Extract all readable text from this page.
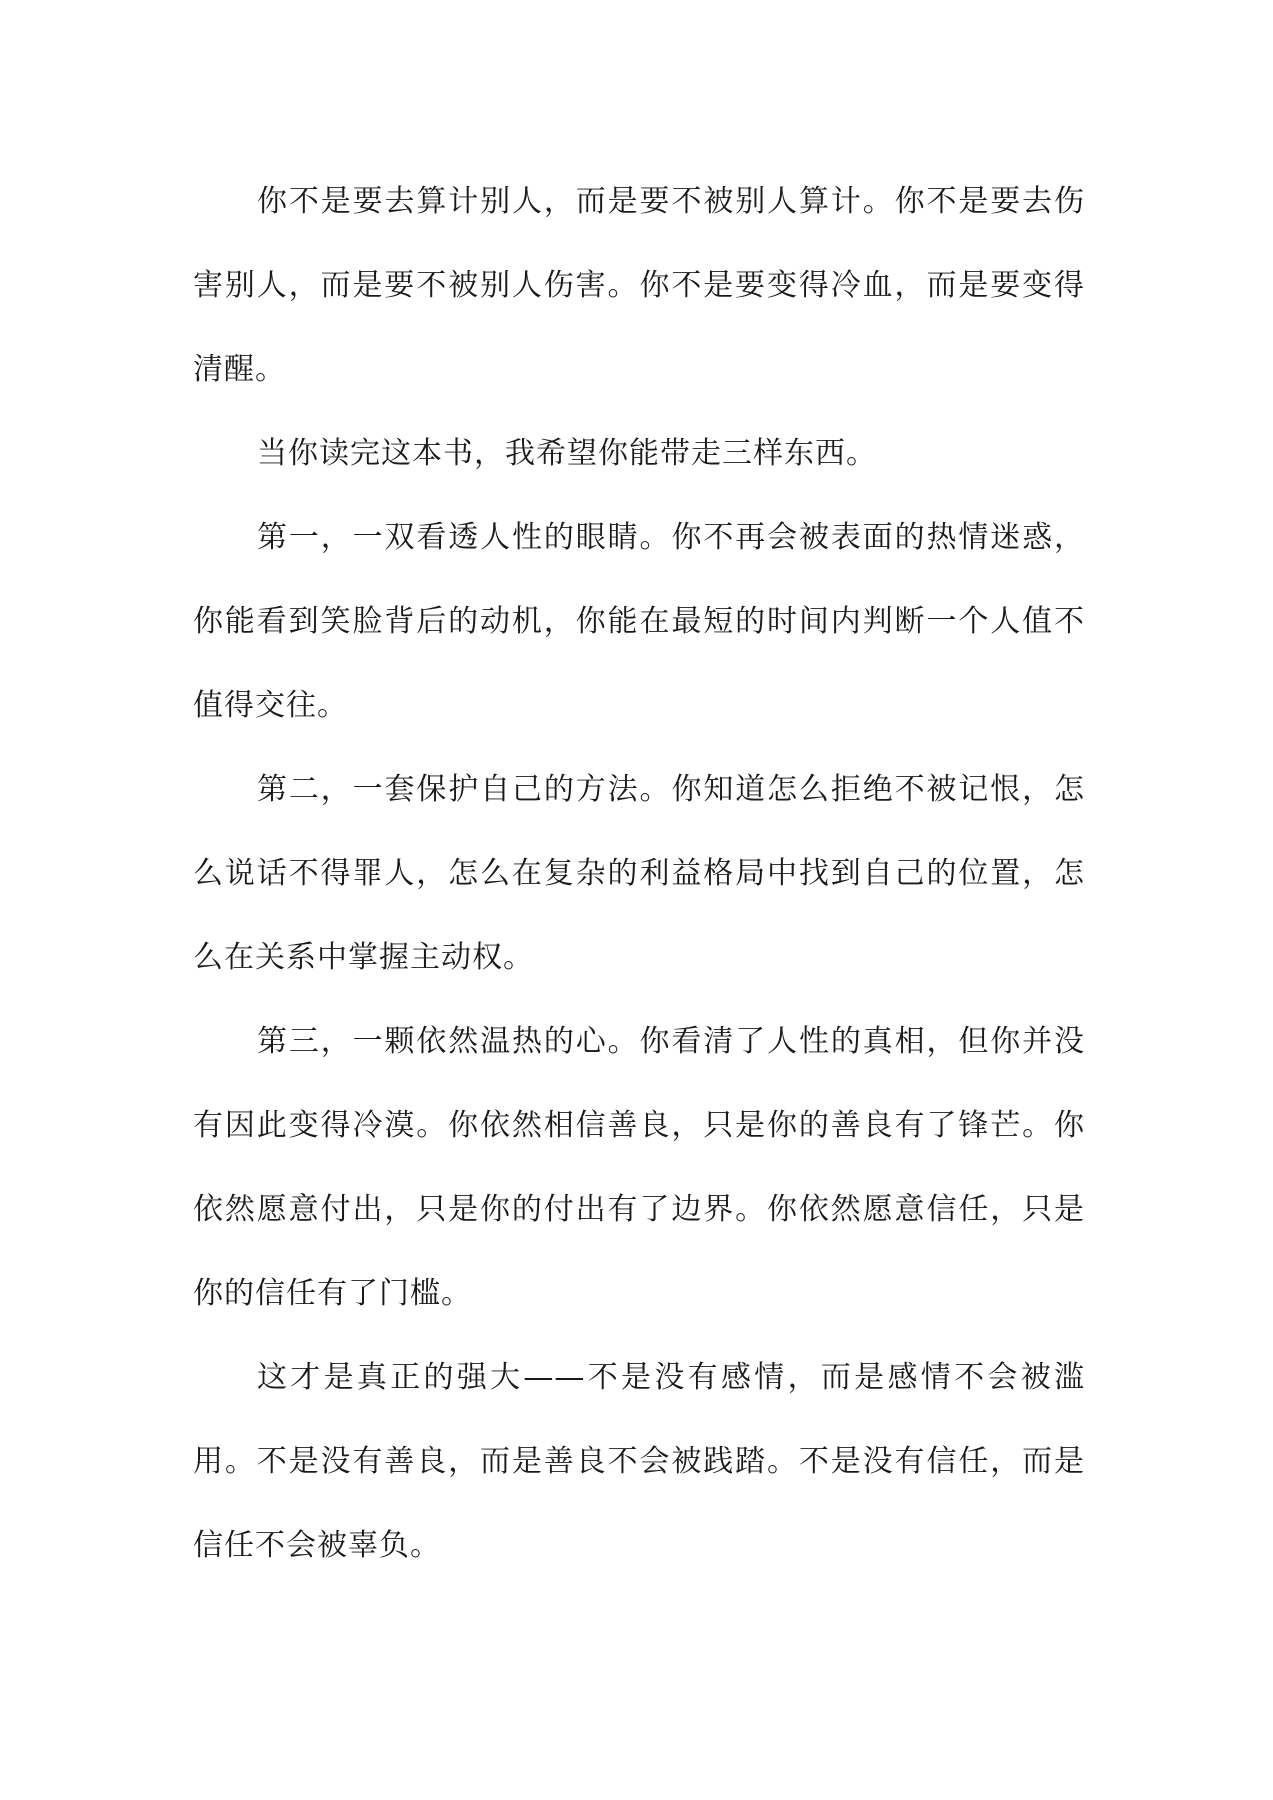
你不是要去算计别人，而是要不被别人算计。你不是要去伤害别人，而是要不被别人伤害。你不是要变得冷血，而是要变得清醒。

当你读完这本书，我希望你能带走三样东西。

第一，一双看透人性的眼睛。你不再会被表面的热情迷惑，你能看到笑脸背后的动机，你能在最短的时间内判断一个人值不值得交往。

第二，一套保护自己的方法。你知道怎么拒绝不被记恨，怎么说话不得罪人，怎么在复杂的利益格局中找到自己的位置，怎么在关系中掌握主动权。

第三，一颗依然温热的心。你看清了人性的真相，但你并没有因此变得冷漠。你依然相信善良，只是你的善良有了锋芒。你依然愿意付出，只是你的付出有了边界。你依然愿意信任，只是你的信任有了门槛。

这才是真正的强大——不是没有感情，而是感情不会被滥用。不是没有善良，而是善良不会被践踏。不是没有信任，而是信任不会被辜负。
